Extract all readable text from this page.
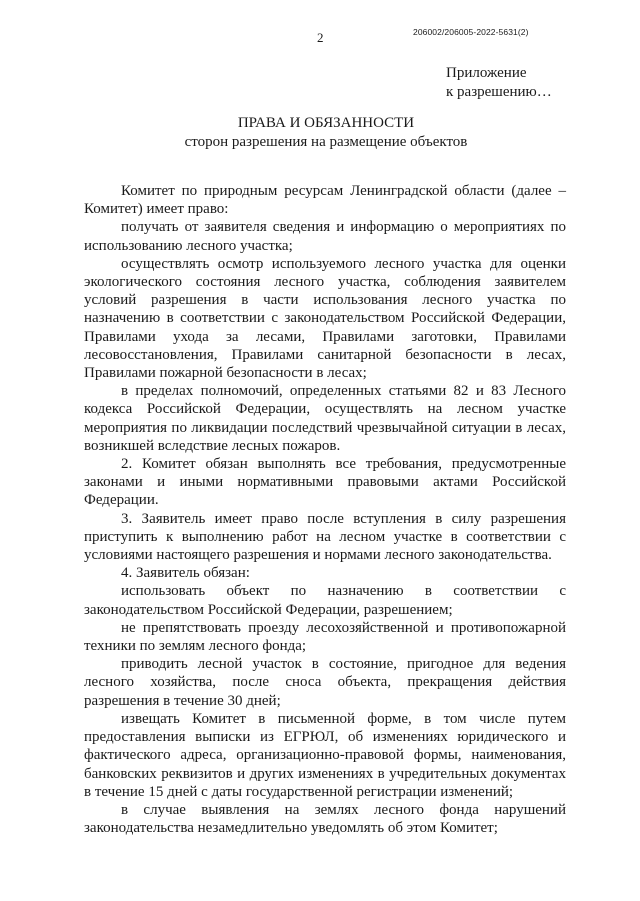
2	206002/206005-2022-5631(2)
Приложение
к разрешению…
ПРАВА И ОБЯЗАННОСТИ
сторон разрешения на размещение объектов

Комитет по природным ресурсам Ленинградской области (далее – Комитет) имеет право:

получать от заявителя сведения и информацию о мероприятиях по использованию лесного участка;

осуществлять осмотр используемого лесного участка для оценки экологического состояния лесного участка, соблюдения заявителем условий разрешения в части использования лесного участка по назначению в соответствии с законодательством Российской Федерации, Правилами ухода за лесами, Правилами заготовки, Правилами лесовосстановления, Правилами санитарной безопасности в лесах, Правилами пожарной безопасности в лесах;

в пределах полномочий, определенных статьями 82 и 83 Лесного кодекса Российской Федерации, осуществлять на лесном участке мероприятия по ликвидации последствий чрезвычайной ситуации в лесах, возникшей вследствие лесных пожаров.

2. Комитет обязан выполнять все требования, предусмотренные законами и иными нормативными правовыми актами Российской Федерации.

3. Заявитель имеет право после вступления в силу разрешения приступить к выполнению работ на лесном участке в соответствии с условиями настоящего разрешения и нормами лесного законодательства.

4. Заявитель обязан:

использовать объект по назначению в соответствии с законодательством Российской Федерации, разрешением;

не препятствовать проезду лесохозяйственной и противопожарной техники по землям лесного фонда;

приводить лесной участок в состояние, пригодное для ведения лесного хозяйства, после сноса объекта, прекращения действия разрешения в течение 30 дней;

извещать Комитет в письменной форме, в том числе путем предоставления выписки из ЕГРЮЛ, об изменениях юридического и фактического адреса, организационно-правовой формы, наименования, банковских реквизитов и других изменениях в учредительных документах в течение 15 дней с даты государственной регистрации изменений;

в случае выявления на землях лесного фонда нарушений законодательства незамедлительно уведомлять об этом Комитет;
